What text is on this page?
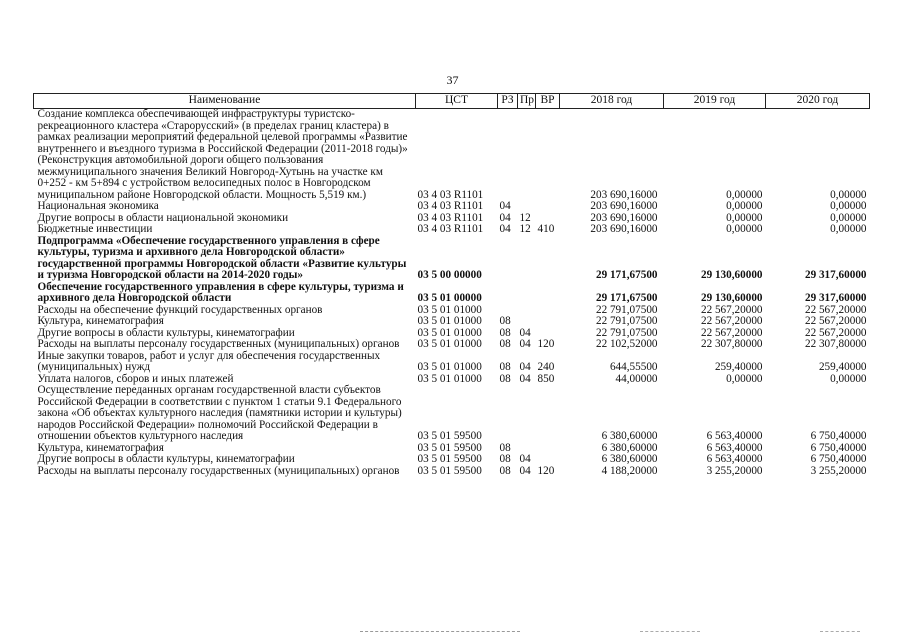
37
Наименование	ЦСТ	РЗ	Пр	ВР	2018 год	2019 год	2020 год
Создание комплекса обеспечивающей инфраструктуры туристско-рекреационного кластера «Старорусский» (в пределах границ кластера) в рамках реализации мероприятий федеральной целевой программы «Развитие внутреннего и въездного туризма в Российской Федерации (2011-2018 годы)» (Реконструкция автомобильной дороги общего пользования межмуниципального значения Великий Новгород-Хутынь на участке км 0+252 - км 5+894 с устройством велосипедных полос в Новгородском муниципальном районе Новгородской области. Мощность 5,519 км.)	03 4 03 R1101				203 690,16000	0,00000	0,00000
Национальная экономика	03 4 03 R1101	04			203 690,16000	0,00000	0,00000
Другие вопросы в области национальной экономики	03 4 03 R1101	04	12		203 690,16000	0,00000	0,00000
Бюджетные инвестиции	03 4 03 R1101	04	12	410	203 690,16000	0,00000	0,00000
Подпрограмма «Обеспечение государственного управления в сфере культуры, туризма и архивного дела Новгородской области» государственной программы Новгородской области «Развитие культуры и туризма Новгородской области на 2014-2020 годы»	03 5 00 00000				29 171,67500	29 130,60000	29 317,60000
Обеспечение государственного управления в сфере культуры, туризма и архивного дела Новгородской области	03 5 01 00000				29 171,67500	29 130,60000	29 317,60000
Расходы на обеспечение функций государственных органов	03 5 01 01000				22 791,07500	22 567,20000	22 567,20000
Культура, кинематография	03 5 01 01000	08			22 791,07500	22 567,20000	22 567,20000
Другие вопросы в области культуры, кинематографии	03 5 01 01000	08	04		22 791,07500	22 567,20000	22 567,20000
Расходы на выплаты персоналу государственных (муниципальных) органов	03 5 01 01000	08	04	120	22 102,52000	22 307,80000	22 307,80000
Иные закупки товаров, работ и услуг для обеспечения государственных (муниципальных) нужд	03 5 01 01000	08	04	240	644,55500	259,40000	259,40000
Уплата налогов, сборов и иных платежей	03 5 01 01000	08	04	850	44,00000	0,00000	0,00000
Осуществление переданных органам государственной власти субъектов Российской Федерации в соответствии с пунктом 1 статьи 9.1 Федерального закона «Об объектах культурного наследия (памятники истории и культуры) народов Российской Федерации» полномочий Российской Федерации в отношении объектов культурного наследия	03 5 01 59500				6 380,60000	6 563,40000	6 750,40000
Культура, кинематография	03 5 01 59500	08			6 380,60000	6 563,40000	6 750,40000
Другие вопросы в области культуры, кинематографии	03 5 01 59500	08	04		6 380,60000	6 563,40000	6 750,40000
Расходы на выплаты персоналу государственных (муниципальных) органов	03 5 01 59500	08	04	120	4 188,20000	3 255,20000	3 255,20000
